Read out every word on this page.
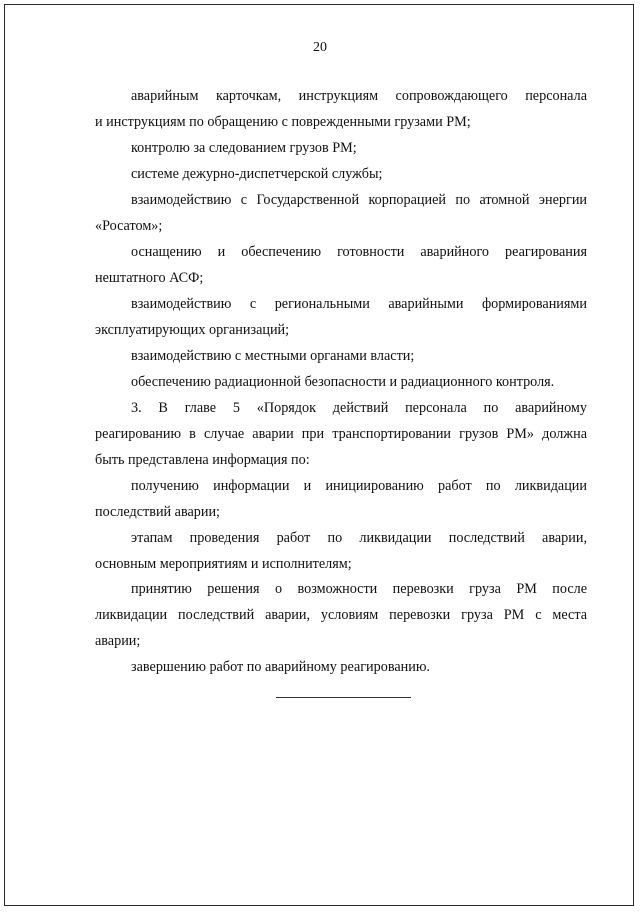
20
аварийным карточкам, инструкциям сопровождающего персонала
и инструкциям по обращению с поврежденными грузами РМ;
контролю за следованием грузов РМ;
системе дежурно-диспетчерской службы;
взаимодействию с Государственной корпорацией по атомной энергии
«Росатом»;
оснащению и обеспечению готовности аварийного реагирования
нештатного АСФ;
взаимодействию с региональными аварийными формированиями
эксплуатирующих организаций;
взаимодействию с местными органами власти;
обеспечению радиационной безопасности и радиационного контроля.
3. В главе 5 «Порядок действий персонала по аварийному
реагированию в случае аварии при транспортировании грузов РМ» должна
быть представлена информация по:
получению информации и инициированию работ по ликвидации
последствий аварии;
этапам проведения работ по ликвидации последствий аварии,
основным мероприятиям и исполнителям;
принятию решения о возможности перевозки груза РМ после
ликвидации последствий аварии, условиям перевозки груза РМ с места
аварии;
завершению работ по аварийному реагированию.
